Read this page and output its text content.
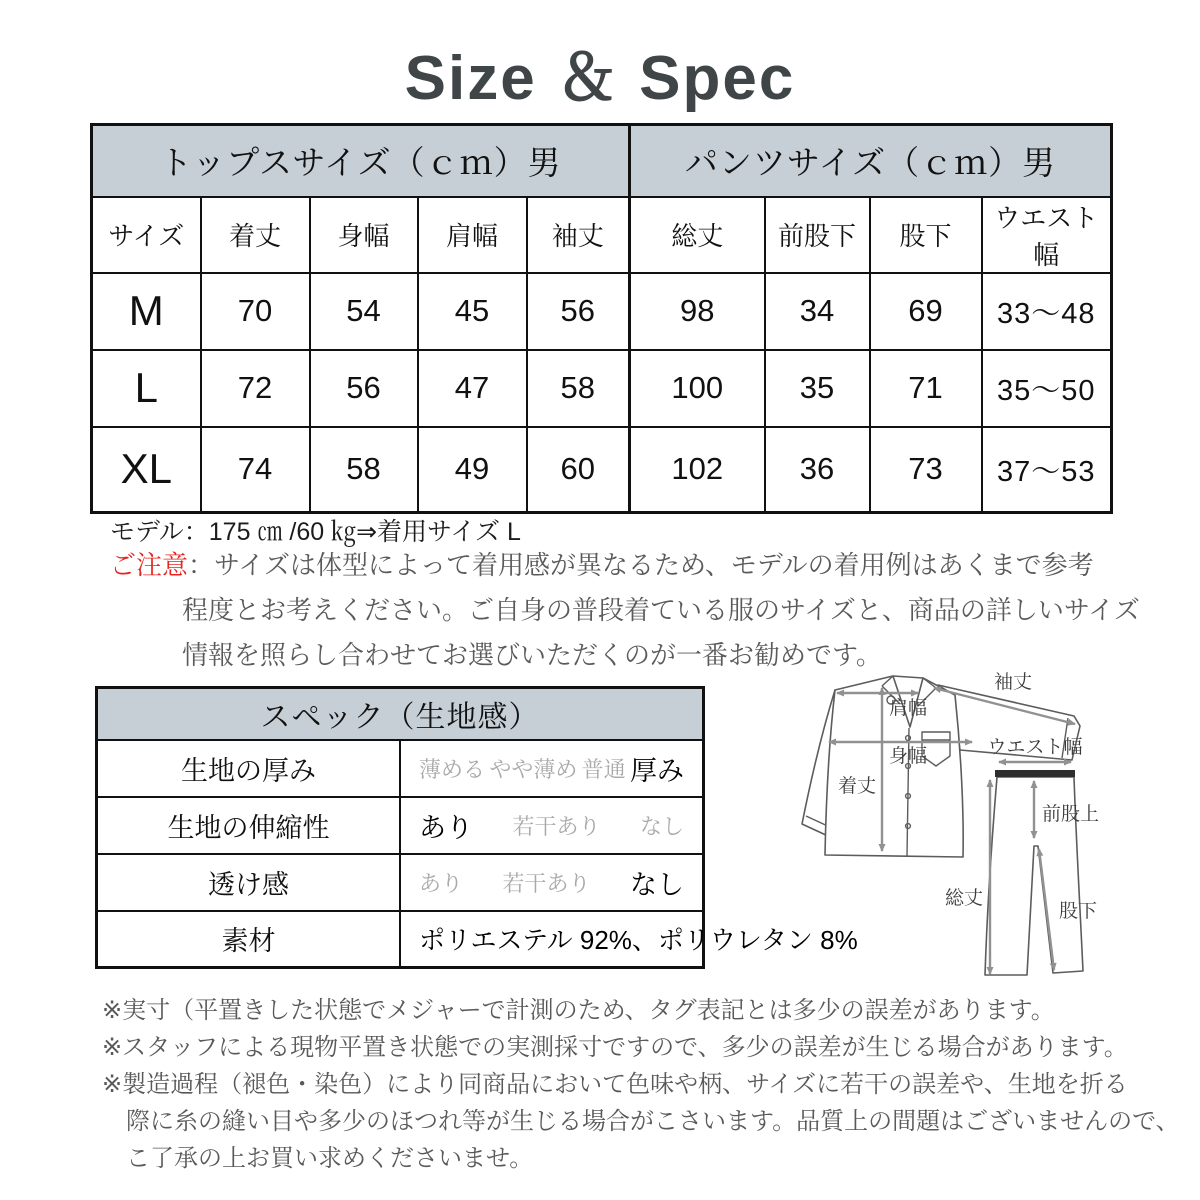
Size ＆ Spec
トップスサイズ（ｃｍ）男					パンツサイズ（ｃｍ）男			
サイズ	着丈	身幅	肩幅	袖丈	総丈	前股下	股下	ウエスト幅
M	70	54	45	56	98	34	69	33～48
L	72	56	47	58	100	35	71	35～50
XL	74	58	49	60	102	36	73	37～53
モデル：175 ㎝ /60 ㎏⇒着用サイズ L

ご注意：サイズは体型によって着用感が異なるため、モデルの着用例はあくまで参考

程度とお考えください。ご自身の普段着ている服のサイズと、商品の詳しいサイズ

情報を照らし合わせてお選びいただくのが一番お勧めです。

スペック（生地感）	
生地の厚み	薄める やや薄め 普通 厚み

生地の伸縮性	あり 若干あり なし

透け感	あり 若干あり なし

素材	ポリエステル 92%、ポリウレタン 8%
肩幅
袖丈
身幅
着丈
ウエスト幅
前股上
総丈
股下

※実寸（平置きした状態でメジャーで計測のため、タグ表記とは多少の誤差があります。

※スタッフによる現物平置き状態での実測採寸ですので、多少の誤差が生じる場合があります。

※製造過程（褪色・染色）により同商品において色味や柄、サイズに若干の誤差や、生地を折る

際に糸の縫い目や多少のほつれ等が生じる場合がこさいます。品質上の間題はございませんので、

こ了承の上お買い求めくださいませ。
